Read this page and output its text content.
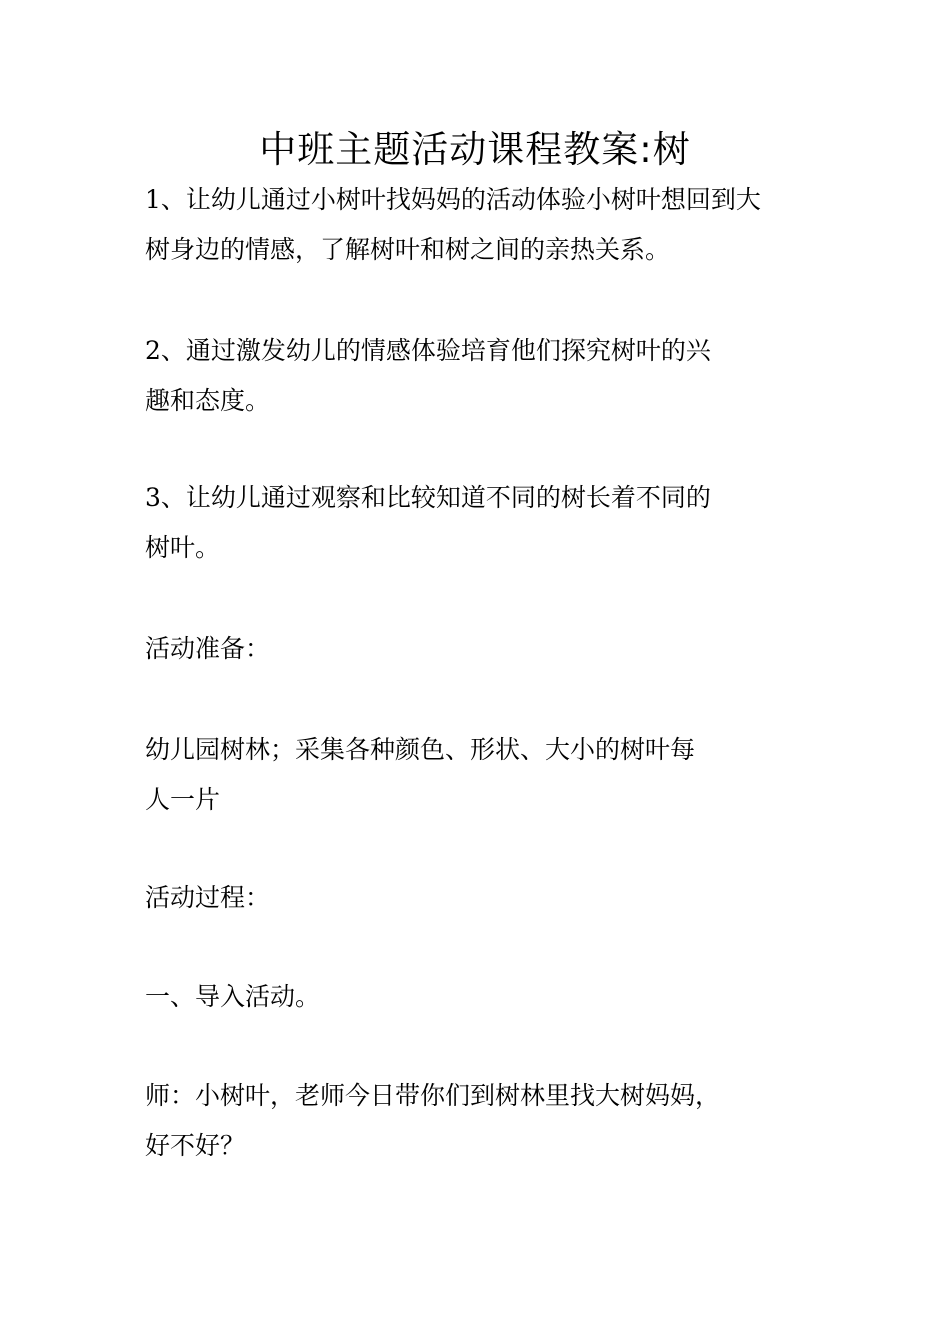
中班主题活动课程教案:树

1、让幼儿通过小树叶找妈妈的活动体验小树叶想回到大
树身边的情感，了解树叶和树之间的亲热关系。

2、通过激发幼儿的情感体验培育他们探究树叶的兴
趣和态度。

3、让幼儿通过观察和比较知道不同的树长着不同的
树叶。

活动准备：

幼儿园树林；采集各种颜色、形状、大小的树叶每
人一片

活动过程：

一、导入活动。

师：小树叶，老师今日带你们到树林里找大树妈妈，
好不好？
